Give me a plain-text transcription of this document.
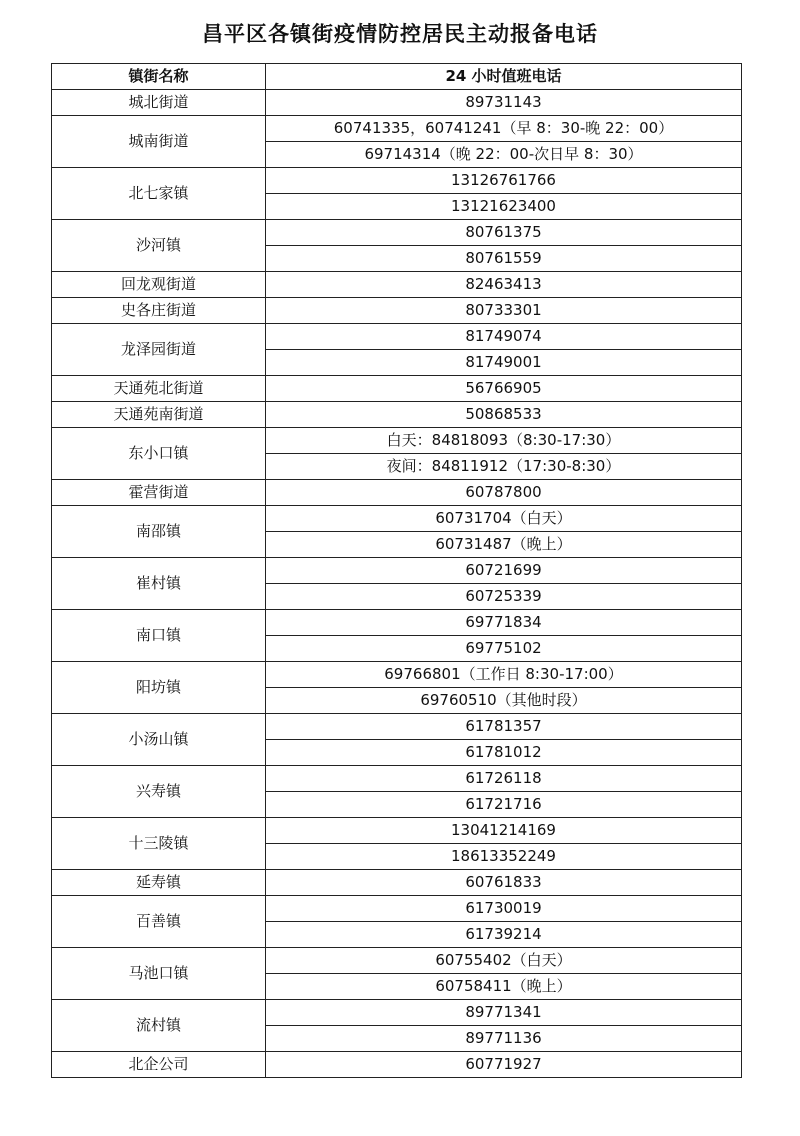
昌平区各镇街疫情防控居民主动报备电话
镇街名称	24 小时值班电话
城北街道	89731143
城南街道	60741335，60741241（早 8：30-晚 22：00）
	69714314（晚 22：00-次日早 8：30）
北七家镇	13126761766
	13121623400
沙河镇	80761375
	80761559
回龙观街道	82463413
史各庄街道	80733301
龙泽园街道	81749074
	81749001
天通苑北街道	56766905
天通苑南街道	50868533
东小口镇	白天：84818093（8:30-17:30）
	夜间：84811912（17:30-8:30）
霍营街道	60787800
南邵镇	60731704（白天）
	60731487（晚上）
崔村镇	60721699
	60725339
南口镇	69771834
	69775102
阳坊镇	69766801（工作日 8:30-17:00）
	69760510（其他时段）
小汤山镇	61781357
	61781012
兴寿镇	61726118
	61721716
十三陵镇	13041214169
	18613352249
延寿镇	60761833
百善镇	61730019
	61739214
马池口镇	60755402（白天）
	60758411（晚上）
流村镇	89771341
	89771136
北企公司	60771927
